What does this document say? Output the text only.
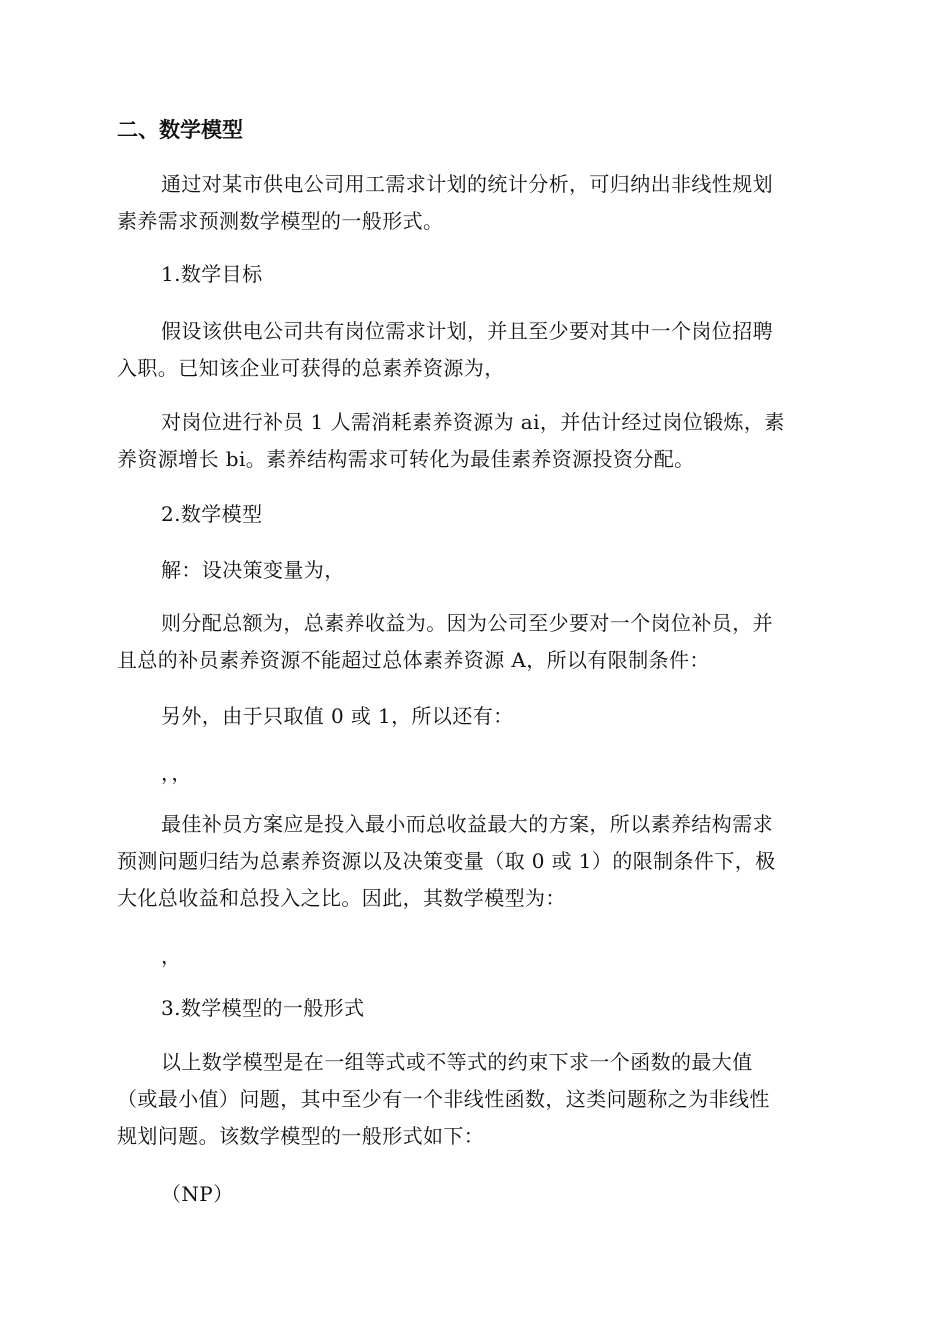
二、数学模型

通过对某市供电公司用工需求计划的统计分析，可归纳出非线性规划
素养需求预测数学模型的一般形式。

1.数学目标

假设该供电公司共有岗位需求计划，并且至少要对其中一个岗位招聘
入职。已知该企业可获得的总素养资源为，

对岗位进行补员 1 人需消耗素养资源为 ai，并估计经过岗位锻炼，素
养资源增长 bi。素养结构需求可转化为最佳素养资源投资分配。

2.数学模型

解：设决策变量为，

则分配总额为，总素养收益为。因为公司至少要对一个岗位补员，并
且总的补员素养资源不能超过总体素养资源 A，所以有限制条件：

另外，由于只取值 0 或 1，所以还有：

，，

最佳补员方案应是投入最小而总收益最大的方案，所以素养结构需求
预测问题归结为总素养资源以及决策变量（取 0 或 1）的限制条件下，极
大化总收益和总投入之比。因此，其数学模型为：

，

3.数学模型的一般形式

以上数学模型是在一组等式或不等式的约束下求一个函数的最大值
（或最小值）问题，其中至少有一个非线性函数，这类问题称之为非线性
规划问题。该数学模型的一般形式如下：

（NP）
